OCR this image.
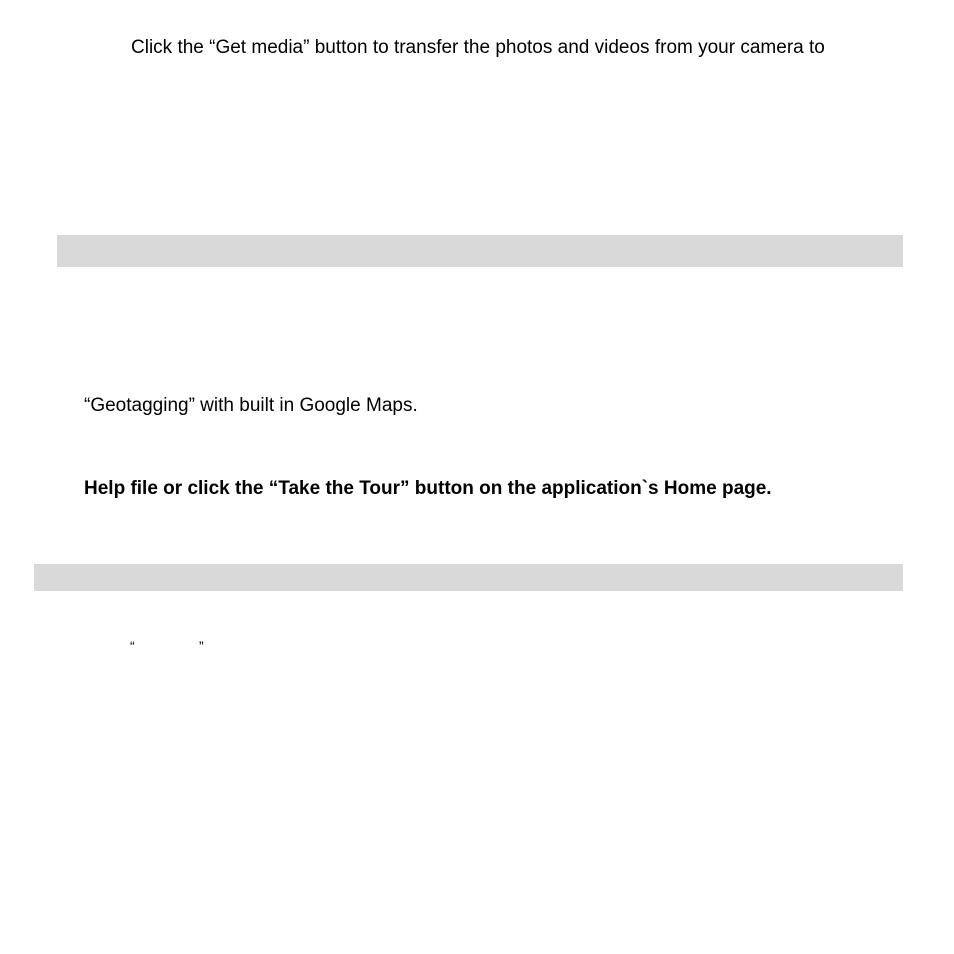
Click the “Get media” button to transfer the photos and videos from your camera to

“Geotagging” with built in Google Maps.

Help file or click the “Take the Tour” button on the application`s Home page.

“	”
